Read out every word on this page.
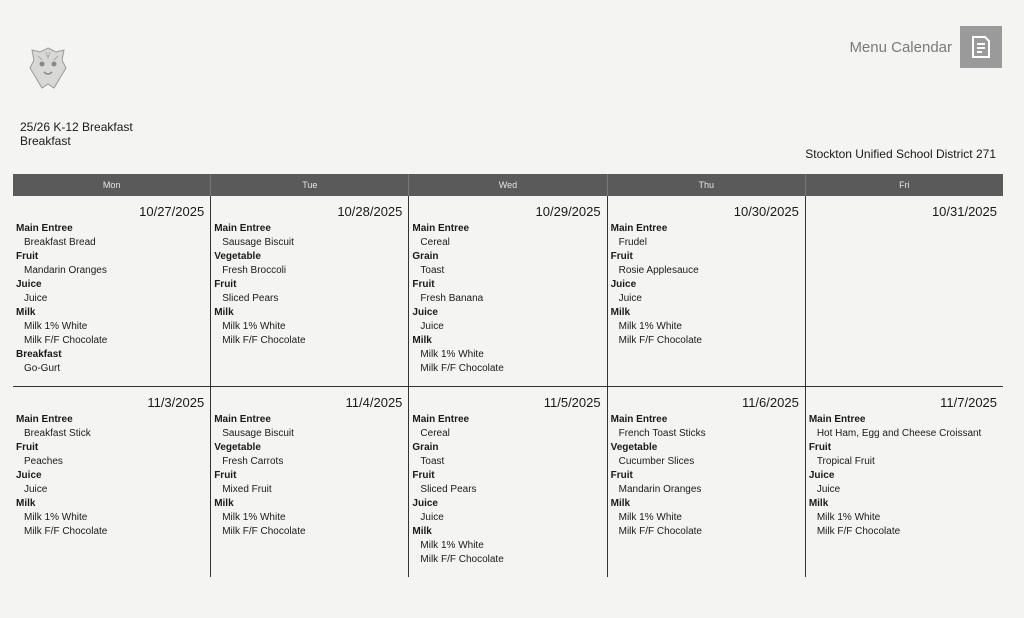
Menu Calendar
25/26 K-12 Breakfast
Breakfast
Stockton Unified School District 271
Mon	Tue	Wed	Thu	Fri
10/27/2025
Main Entree
Breakfast Bread
Fruit
Mandarin Oranges
Juice
Juice
Milk
Milk 1% White
Milk F/F Chocolate
Breakfast
Go-Gurt
10/28/2025
Main Entree
Sausage Biscuit
Vegetable
Fresh Broccoli
Fruit
Sliced Pears
Milk
Milk 1% White
Milk F/F Chocolate
10/29/2025
Main Entree
Cereal
Grain
Toast
Fruit
Fresh Banana
Juice
Juice
Milk
Milk 1% White
Milk F/F Chocolate
10/30/2025
Main Entree
Frudel
Fruit
Rosie Applesauce
Juice
Juice
Milk
Milk 1% White
Milk F/F Chocolate
10/31/2025
11/3/2025
Main Entree
Breakfast Stick
Fruit
Peaches
Juice
Juice
Milk
Milk 1% White
Milk F/F Chocolate
11/4/2025
Main Entree
Sausage Biscuit
Vegetable
Fresh Carrots
Fruit
Mixed Fruit
Milk
Milk 1% White
Milk F/F Chocolate
11/5/2025
Main Entree
Cereal
Grain
Toast
Fruit
Sliced Pears
Juice
Juice
Milk
Milk 1% White
Milk F/F Chocolate
11/6/2025
Main Entree
French Toast Sticks
Vegetable
Cucumber Slices
Fruit
Mandarin Oranges
Milk
Milk 1% White
Milk F/F Chocolate
11/7/2025
Main Entree
Hot Ham, Egg and Cheese Croissant
Fruit
Tropical Fruit
Juice
Juice
Milk
Milk 1% White
Milk F/F Chocolate
